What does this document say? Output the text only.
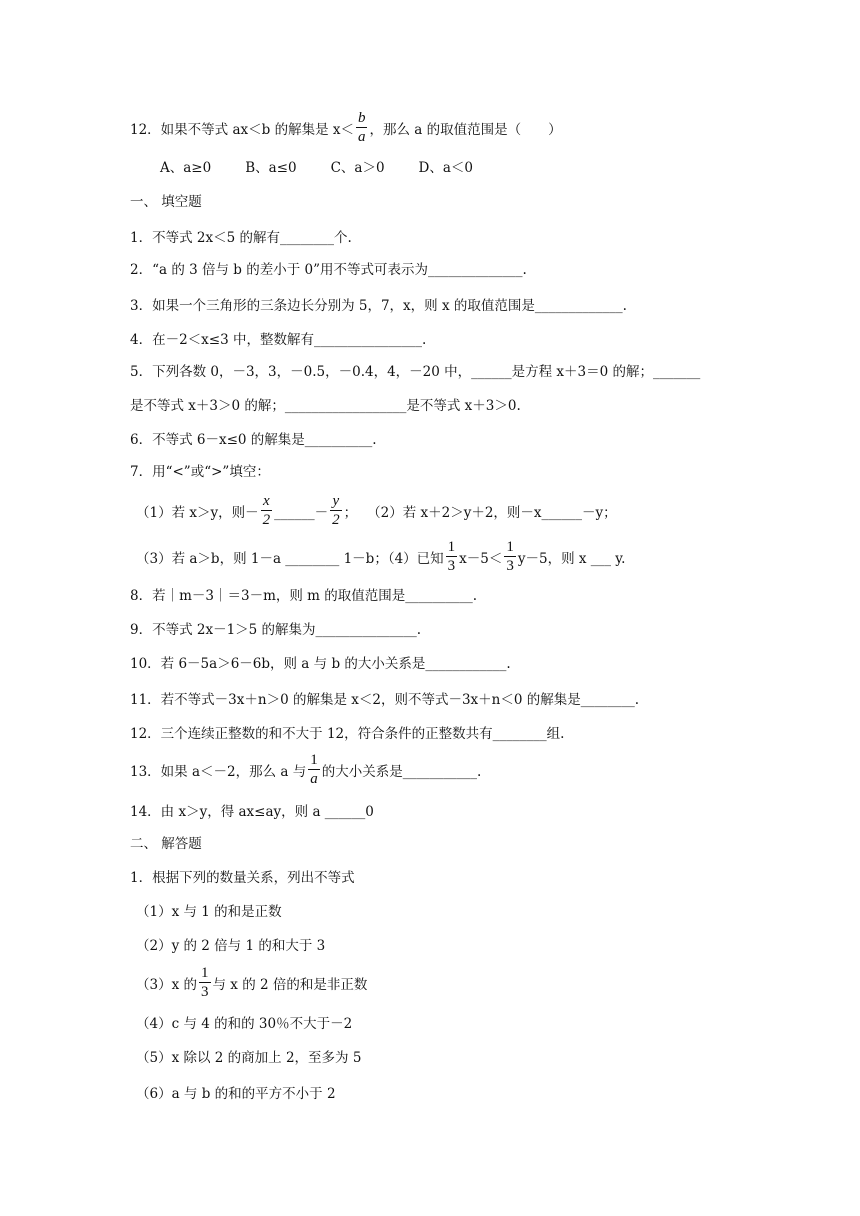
12．如果不等式 ax＜b 的解集是 $x< \frac{b}{a}$ ，那么 a 的取值范围是（　　）
A、a≥0	B、a≤0	C、a＞0	D、a＜0
一、 填空题
1．不等式 2x＜5 的解有________个.
2．“a 的 3 倍与 b 的差小于 0”用不等式可表示为______________.
3．如果一个三角形的三条边长分别为 5，7，x，则 x 的取值范围是_____________.
4．在－2＜x≤3 中，整数解有________________.
5．下列各数 0，－3，3，－0.5，－0.4，4，－20 中，______是方程 x＋3＝0 的解；_______
是不等式 x＋3＞0 的解；__________________是不等式 x＋3＞0.
6．不等式 6－x≤0 的解集是__________.
7．用“<”或“>”填空：
（1）若 x＞y，则－ $\frac{x}{2}$ ______－ $\frac{y}{2}$ ； （2）若 x＋2＞y＋2，则－x______－y；
（3）若 a＞b，则 1－a ________ 1－b；（4）已知 $\frac{1}{3} x-5< \frac{1}{3} y-5$，则 x ___ y.
8．若｜m－3｜＝3－m，则 m 的取值范围是__________.
9．不等式 2x－1＞5 的解集为_______________.
10．若 6－5a＞6－6b，则 a 与 b 的大小关系是____________.
11．若不等式－3x＋n＞0 的解集是 x＜2，则不等式－3x＋n＜0 的解集是________.
12．三个连续正整数的和不大于 12，符合条件的正整数共有________组.
13．如果 a＜－2，那么 a 与 $\frac{1}{a}$ 的大小关系是___________.
14．由 x＞y，得 ax≤ay，则 a ______0
二、 解答题
1．根据下列的数量关系，列出不等式
（1）x 与 1 的和是正数
（2）y 的 2 倍与 1 的和大于 3
（3）x 的 $\frac{1}{3}$ 与 x 的 2 倍的和是非正数
（4）c 与 4 的和的 30％不大于－2
（5）x 除以 2 的商加上 2，至多为 5
（6）a 与 b 的和的平方不小于 2
